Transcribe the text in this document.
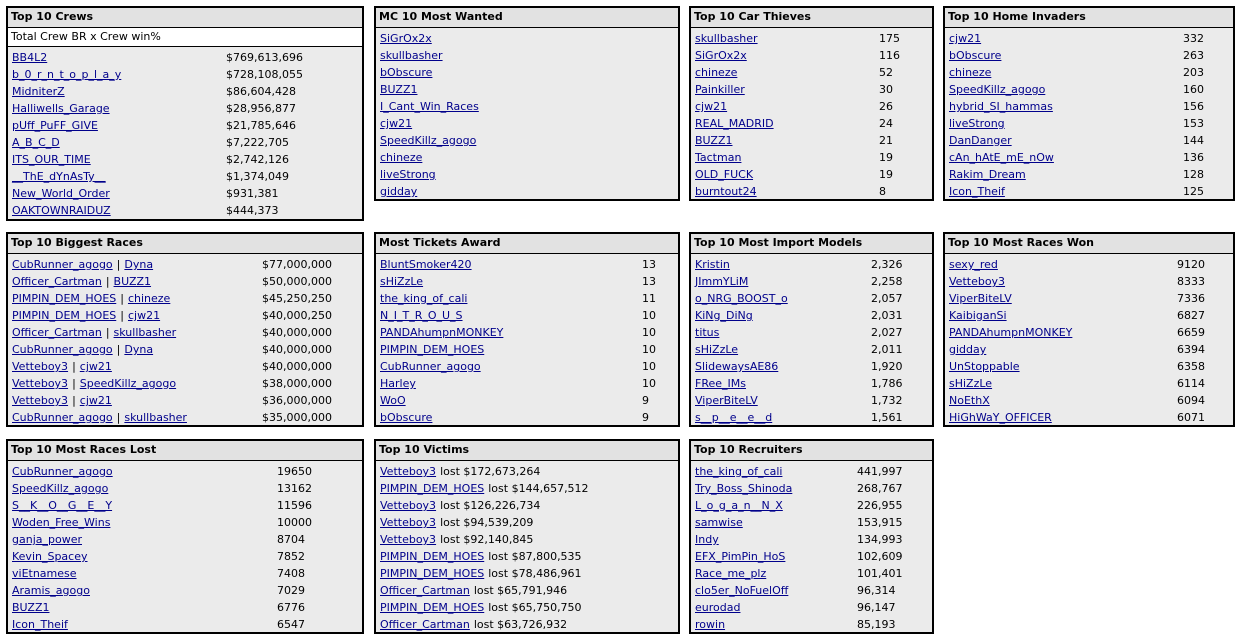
Top 10 Crews
Total Crew BR x Crew win%
BB4L2	$769,613,696
b_0_r_n_t_o_p_l_a_y	$728,108,055
MidniterZ	$86,604,428
Halliwells_Garage	$28,956,877
pUff_PuFF_GIVE	$21,785,646
A_B_C_D	$7,222,705
ITS_OUR_TIME	$2,742,126
__ThE_dYnAsTy__	$1,374,049
New_World_Order	$931,381
OAKTOWNRAIDUZ	$444,373
MC 10 Most Wanted
SiGrOx2x
skullbasher
bObscure
BUZZ1
I_Cant_Win_Races
cjw21
SpeedKillz_agogo
chineze
liveStrong
gidday
Top 10 Car Thieves
skullbasher	175
SiGrOx2x	116
chineze	52
Painkiller	30
cjw21	26
REAL_MADRID	24
BUZZ1	21
Tactman	19
OLD_FUCK	19
burntout24	8
Top 10 Home Invaders
cjw21	332
bObscure	263
chineze	203
SpeedKillz_agogo	160
hybrid_SI_hammas	156
liveStrong	153
DanDanger	144
cAn_hAtE_mE_nOw	136
Rakim_Dream	128
Icon_Theif	125
Top 10 Biggest Races
CubRunner_agogo | Dyna	$77,000,000
Officer_Cartman | BUZZ1	$50,000,000
PIMPIN_DEM_HOES | chineze	$45,250,250
PIMPIN_DEM_HOES | cjw21	$40,000,250
Officer_Cartman | skullbasher	$40,000,000
CubRunner_agogo | Dyna	$40,000,000
Vetteboy3 | cjw21	$40,000,000
Vetteboy3 | SpeedKillz_agogo	$38,000,000
Vetteboy3 | cjw21	$36,000,000
CubRunner_agogo | skullbasher	$35,000,000
Most Tickets Award
BluntSmoker420	13
sHiZzLe	13
the_king_of_cali	11
N_I_T_R_O_U_S	10
PANDAhumpnMONKEY	10
PIMPIN_DEM_HOES	10
CubRunner_agogo	10
Harley	10
WoO	9
bObscure	9
Top 10 Most Import Models
Kristin	2,326
JImmYLiM	2,258
o_NRG_BOOST_o	2,057
KiNg_DiNg	2,031
titus	2,027
sHiZzLe	2,011
SlidewaysAE86	1,920
FRee_IMs	1,786
ViperBiteLV	1,732
s__p__e__e__d	1,561
Top 10 Most Races Won
sexy_red	9120
Vetteboy3	8333
ViperBiteLV	7336
KaibiganSi	6827
PANDAhumpnMONKEY	6659
gidday	6394
UnStoppable	6358
sHiZzLe	6114
NoEthX	6094
HiGhWaY_OFFICER	6071
Top 10 Most Races Lost
CubRunner_agogo	19650
SpeedKillz_agogo	13162
S__K__O__G__E__Y	11596
Woden_Free_Wins	10000
ganja_power	8704
Kevin_Spacey	7852
viEtnamese	7408
Aramis_agogo	7029
BUZZ1	6776
Icon_Theif	6547
Top 10 Victims
Vetteboy3 lost $172,673,264
PIMPIN_DEM_HOES lost $144,657,512
Vetteboy3 lost $126,226,734
Vetteboy3 lost $94,539,209
Vetteboy3 lost $92,140,845
PIMPIN_DEM_HOES lost $87,800,535
PIMPIN_DEM_HOES lost $78,486,961
Officer_Cartman lost $65,791,946
PIMPIN_DEM_HOES lost $65,750,750
Officer_Cartman lost $63,726,932
Top 10 Recruiters
the_king_of_cali	441,997
Try_Boss_Shinoda	268,767
L_o_g_a_n__N_X	226,955
samwise	153,915
Indy	134,993
EFX_PimPin_HoS	102,609
Race_me_plz	101,401
clo5er_NoFuelOff	96,314
eurodad	96,147
rowin	85,193
